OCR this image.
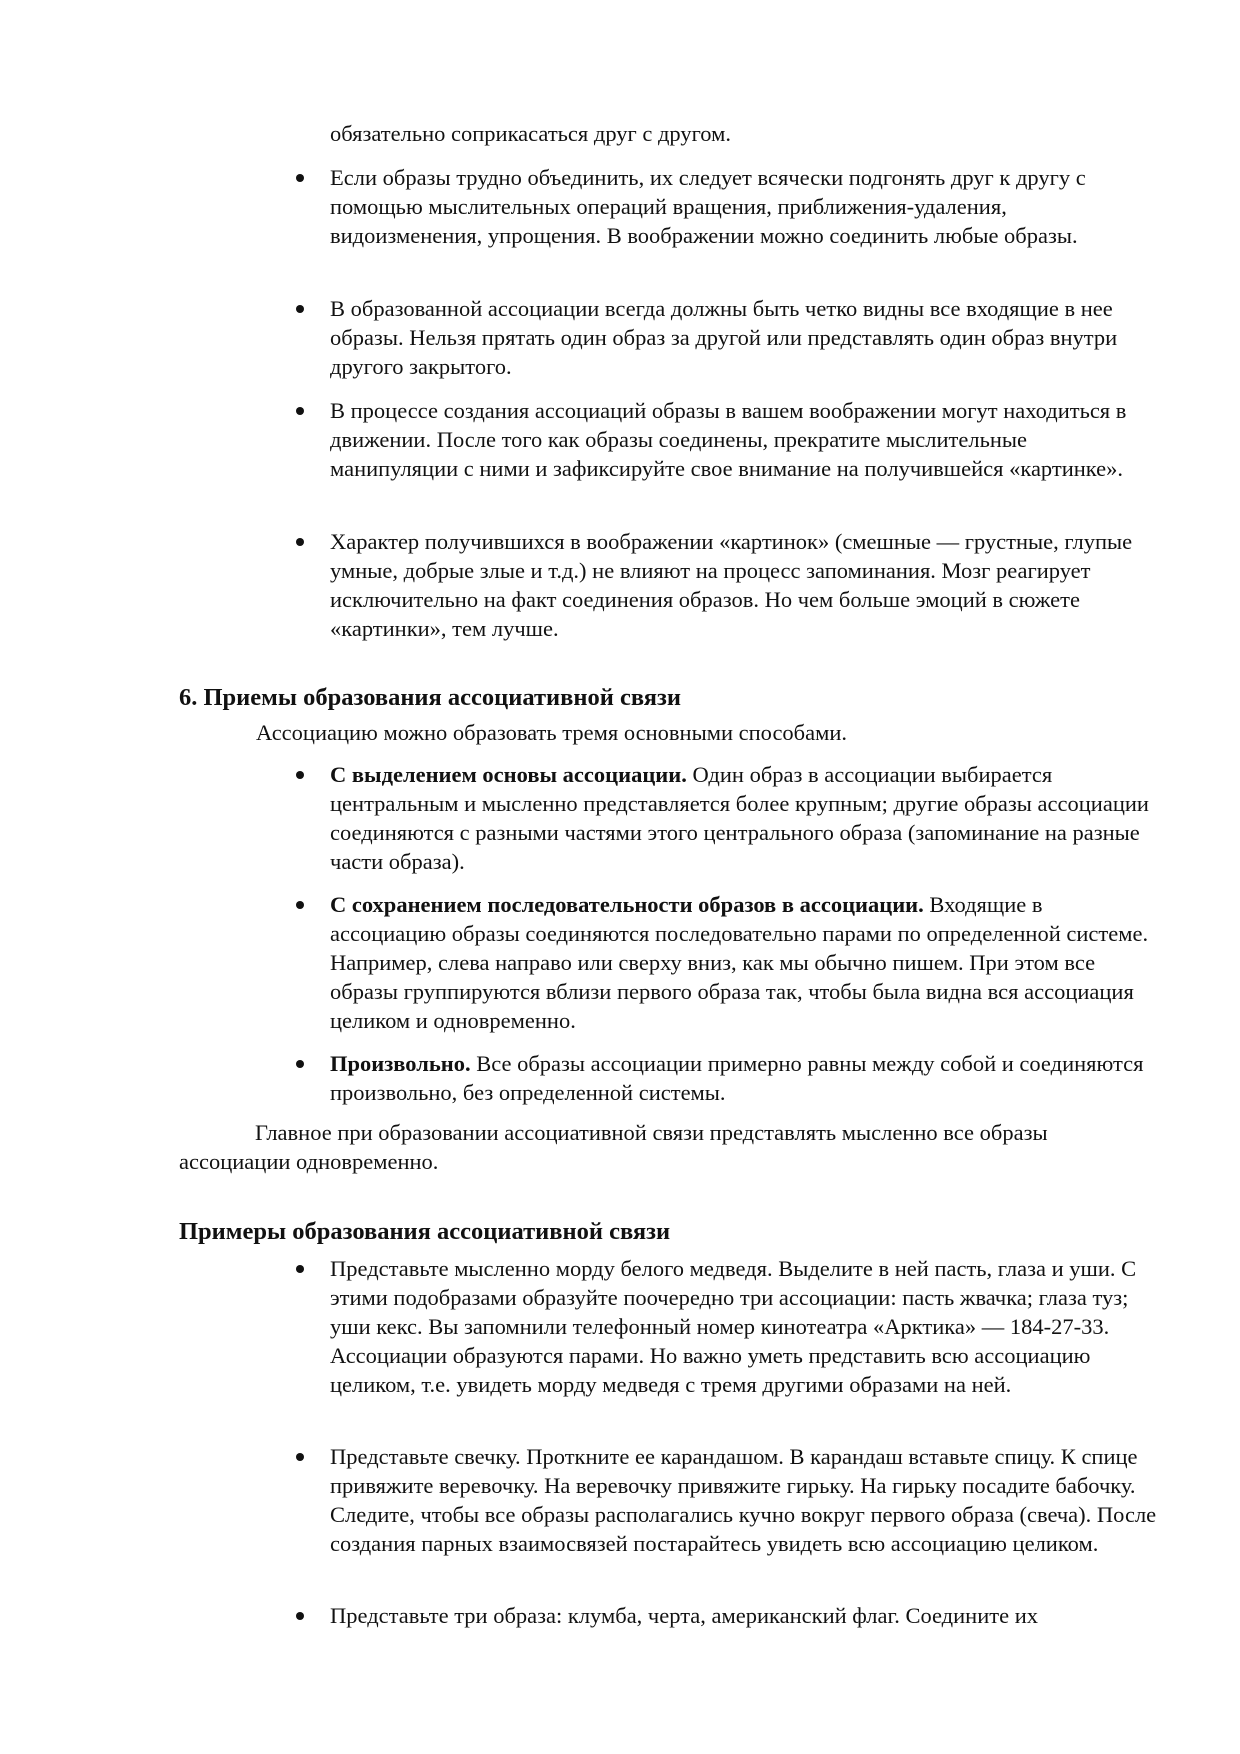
обязательно соприкасаться друг с другом.

Если образы трудно объединить, их следует всячески подгонять друг к другу с помощью мыслительных операций вращения, приближения-удаления, видоизменения, упрощения. В воображении можно соединить любые образы.

В образованной ассоциации всегда должны быть четко видны все входящие в нее образы. Нельзя прятать один образ за другой или представлять один образ внутри другого закрытого.

В процессе создания ассоциаций образы в вашем воображении могут находиться в движении. После того как образы соединены, прекратите мыслительные манипуляции с ними и зафиксируйте свое внимание на получившейся «картинке».

Характер получившихся в воображении «картинок» (смешные — грустные, глупые умные, добрые злые и т.д.) не влияют на процесс запоминания. Мозг реагирует исключительно на факт соединения образов. Но чем больше эмоций в сюжете «картинки», тем лучше.

6. Приемы образования ассоциативной связи
Ассоциацию можно образовать тремя основными способами.

С выделением основы ассоциации. Один образ в ассоциации выбирается центральным и мысленно представляется более крупным; другие образы ассоциации соединяются с разными частями этого центрального образа (запоминание на разные части образа).

С сохранением последовательности образов в ассоциации. Входящие в ассоциацию образы соединяются последовательно парами по определенной системе. Например, слева направо или сверху вниз, как мы обычно пишем. При этом все образы группируются вблизи первого образа так, чтобы была видна вся ассоциация целиком и одновременно.

Произвольно. Все образы ассоциации примерно равны между собой и соединяются произвольно, без определенной системы.

Главное при образовании ассоциативной связи представлять мысленно все образы ассоциации одновременно.

Примеры образования ассоциативной связи

Представьте мысленно морду белого медведя. Выделите в ней пасть, глаза и уши. С этими подобразами образуйте поочередно три ассоциации: пасть жвачка; глаза туз; уши кекс. Вы запомнили телефонный номер кинотеатра «Арктика» — 184-27-33. Ассоциации образуются парами. Но важно уметь представить всю ассоциацию целиком, т.е. увидеть морду медведя с тремя другими образами на ней.

Представьте свечку. Проткните ее карандашом. В карандаш вставьте спицу. К спице привяжите веревочку. На веревочку привяжите гирьку. На гирьку посадите бабочку. Следите, чтобы все образы располагались кучно вокруг первого образа (свеча). После создания парных взаимосвязей постарайтесь увидеть всю ассоциацию целиком.

Представьте три образа: клумба, черта, американский флаг. Соедините их
